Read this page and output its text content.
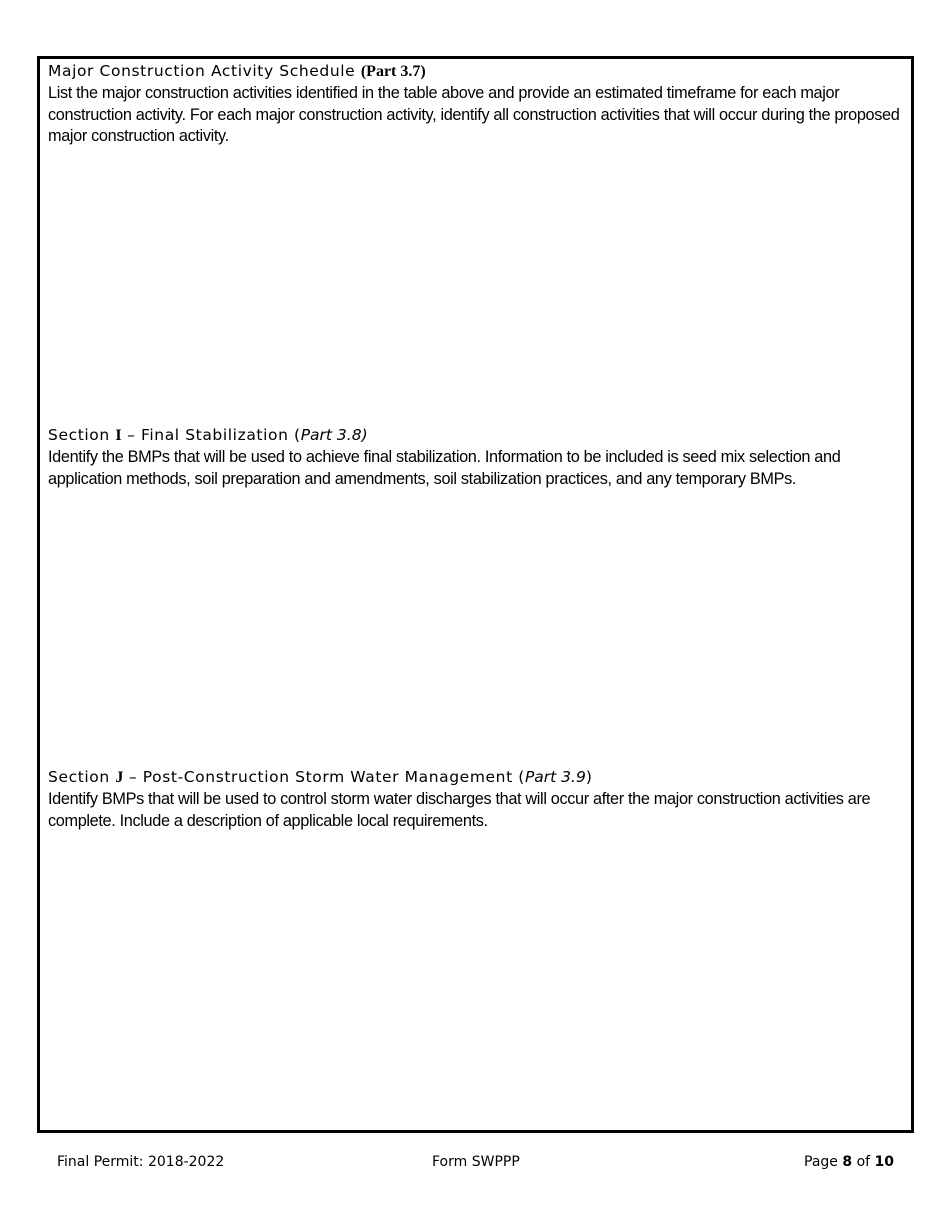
Major Construction Activity Schedule (Part 3.7)
List the major construction activities identified in the table above and provide an estimated timeframe for each major construction activity. For each major construction activity, identify all construction activities that will occur during the proposed major construction activity.
Section I – Final Stabilization (Part 3.8)
Identify the BMPs that will be used to achieve final stabilization. Information to be included is seed mix selection and application methods, soil preparation and amendments, soil stabilization practices, and any temporary BMPs.
Section J – Post-Construction Storm Water Management (Part 3.9)
Identify BMPs that will be used to control storm water discharges that will occur after the major construction activities are complete. Include a description of applicable local requirements.
Final Permit: 2018-2022	Form SWPPP	Page 8 of 10
